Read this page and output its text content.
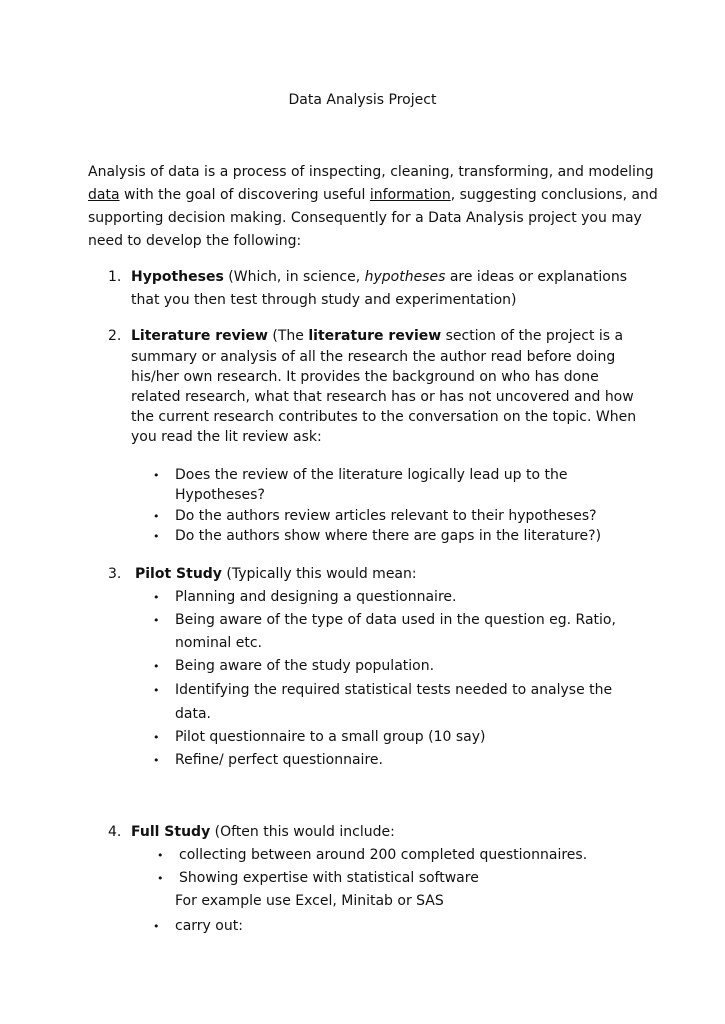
Data Analysis Project
Analysis of data is a process of inspecting, cleaning, transforming, and modeling
data with the goal of discovering useful information, suggesting conclusions, and
supporting decision making. Consequently for a Data Analysis project you may
need to develop the following:
1. Hypotheses (Which, in science, hypotheses are ideas or explanations
that you then test through study and experimentation)
2. Literature review (The literature review section of the project is a
summary or analysis of all the research the author read before doing
his/her own research. It provides the background on who has done
related research, what that research has or has not uncovered and how
the current research contributes to the conversation on the topic. When
you read the lit review ask:
• Does the review of the literature logically lead up to the
Hypotheses?
• Do the authors review articles relevant to their hypotheses?
• Do the authors show where there are gaps in the literature?)
3. Pilot Study (Typically this would mean:
• Planning and designing a questionnaire.
• Being aware of the type of data used in the question eg. Ratio,
nominal etc.
• Being aware of the study population.
• Identifying the required statistical tests needed to analyse the
data.
• Pilot questionnaire to a small group (10 say)
• Refine/ perfect questionnaire.
4. Full Study (Often this would include:
• collecting between around 200 completed questionnaires.
• Showing expertise with statistical software
For example use Excel, Minitab or SAS
• carry out:
